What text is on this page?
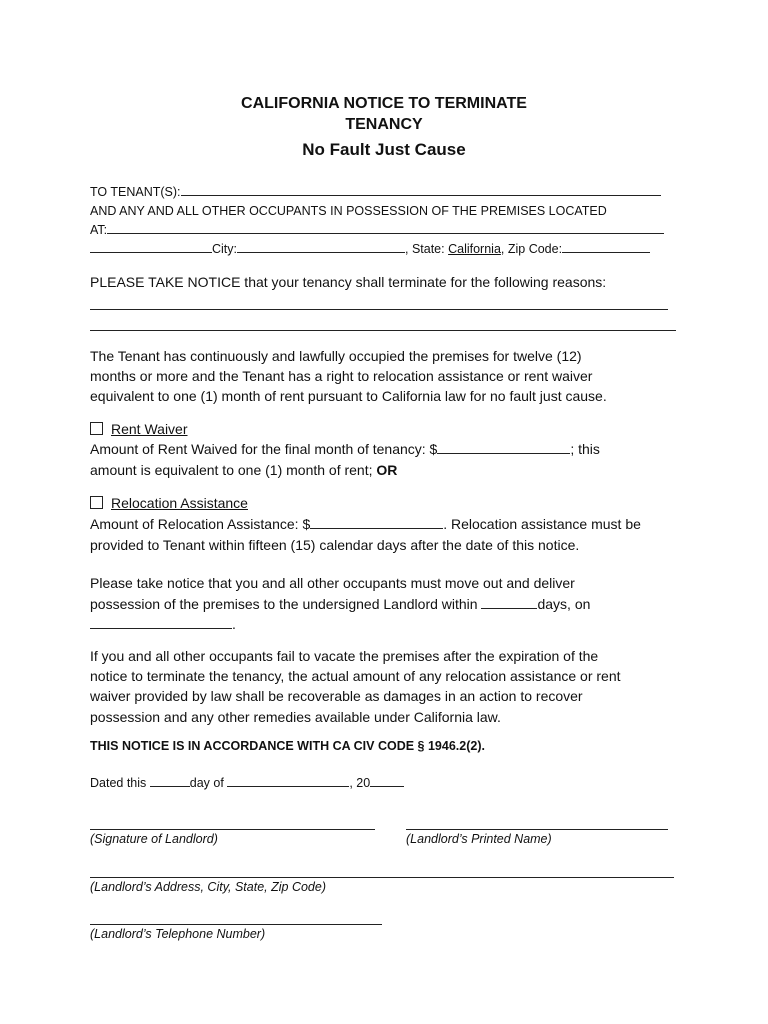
CALIFORNIA NOTICE TO TERMINATE
TENANCY
No Fault Just Cause
TO TENANT(S):
AND ANY AND ALL OTHER OCCUPANTS IN POSSESSION OF THE PREMISES LOCATED
AT:
City:	, State: California, Zip Code:
PLEASE TAKE NOTICE that your tenancy shall terminate for the following reasons:
The Tenant has continuously and lawfully occupied the premises for twelve (12)
months or more and the Tenant has a right to relocation assistance or rent waiver
equivalent to one (1) month of rent pursuant to California law for no fault just cause.
Rent Waiver
Amount of Rent Waived for the final month of tenancy: $	; this
amount is equivalent to one (1) month of rent; OR
Relocation Assistance
Amount of Relocation Assistance: $	. Relocation assistance must be
provided to Tenant within fifteen (15) calendar days after the date of this notice.
Please take notice that you and all other occupants must move out and deliver
possession of the premises to the undersigned Landlord within	days, on
.
If you and all other occupants fail to vacate the premises after the expiration of the
notice to terminate the tenancy, the actual amount of any relocation assistance or rent
waiver provided by law shall be recoverable as damages in an action to recover
possession and any other remedies available under California law.
THIS NOTICE IS IN ACCORDANCE WITH CA CIV CODE § 1946.2(2).
Dated this	day of	, 20
(Signature of Landlord)	(Landlord’s Printed Name)
(Landlord’s Address, City, State, Zip Code)
(Landlord’s Telephone Number)
